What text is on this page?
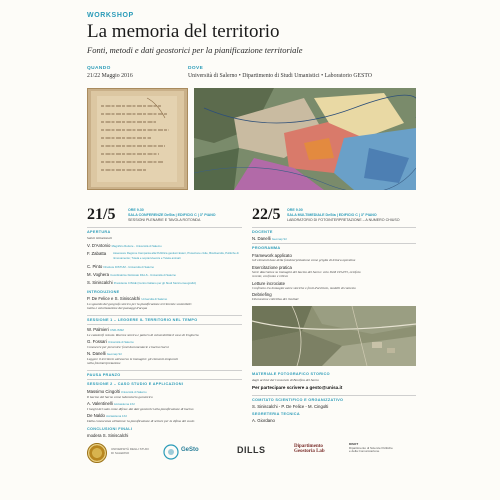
WORKSHOP
La memoria del territorio
Fonti, metodi e dati geostorici per la pianificazione territoriale
QUANDO
21/22 Maggio 2016
DOVE
Università di Salerno • Dipartimento di Studi Umanistici • Laboratorio GESTO
21/5	ORE 9.30
SALA CONFERENZE DeSta | EDIFICIO C | 3° PIANO
SESSIONI PLENARIE E TAVOLA ROTONDA	22/5 ORE 9.00
SALA MULTIMEDIALE DeSta | EDIFICIO C | 3° PIANO
LABORATORIO DI FOTOINTERPRETAZIONE – A NUMERO CHIUSO
APERTURA
Saluti istituzionali
V. D'Antonio Magnifico Rettore - Università di Salerno
F. Zabatta Assessore Regione Campania alla Pubblica gestioni Esteri, Protezione civile, Biodiversità, Politiche di rinnovamento; Tutela e sopravvivenza e Tutela animali
C. Pinto Direttore DISTUM - Università di Salerno
M. Voghera Coordinatrice Dottorato DILLS - Università di Salerno
S. Siniscalchi Presidente CISGE (Centro Italiano per gli Studi Storico-Geografici)
INTRODUZIONE
P. De Felice e S. Siniscalchi Università di Salerno
Lo sguardo del geografo storico per la pianificazione territoriale sostenibile:
tutela e valorizzazione dei paesaggi d'acqua
SESSIONE 1 – LEGGERE IL TERRITORIO NEL TEMPO
W. Palmieri CNR-ISSM
Le catastrofi remote. Ricerca storica e pattern di vulnerabilità il caso di Ungheria
G. Fossari Università di Salerno
Conoscere per prevenire: fonti documentarie e bacino Sarni
N. Danelli Geomap Srl
Leggere il territorio attraverso le immagini: gli elementi temporali
nella fotointerpretazione
PAUSA PRANZO
SESSIONE 2 – CASO STUDIO E APPLICAZIONI
Massimo Cingolti Università di Salerno
Il bacino del Sarno come laboratorio geostorico
A. Valentinelli Acciaiolema 1X2
I luoghi del sudo come difesa: dai dati geostorici alla pianificazione di bacino
De Naldo Acciaiolema 1X2
Dalla conoscenza all'azione: la pianificazione di settore per la difesa del suolo
CONCLUSIONI FINALI
modera S. Siniscalchi
DOCENTE
N. Danelli Geomap Srl
PROGRAMMA
Framework applicato
Gli elementi base della fotointerpretazione come griglia di lettura operativa
Esercitazione pratica
Serie diacronica su immagini del bacino del Sarno: volo IGM 1954/55, ortofoto
recenti, confronto e rilievo
Letture incrociate
Confronto tra immagini aeree storiche e fonti d'archivio, modelli di contesto
Debriefing
Discussione collettiva dei risultati
MATERIALE FOTOGRAFICO STORICO
dagli archivi del Consorzio di Bonifica del Sarno
Per partecipare scrivere a gesto@unisa.it
COMITATO SCIENTIFICO E ORGANIZZATIVO
S. Siniscalchi - P. De Felice - M. Cingolti
SEGRETERIA TECNICA
A. Giordano
UNIVERSITÀ DEGLI STUDI
DI SALERNO	GeSto	DILLS	Dipartimento
Geostoria Lab
DISOT
Dipartimento di Scienze Politiche
e della Comunicazione
